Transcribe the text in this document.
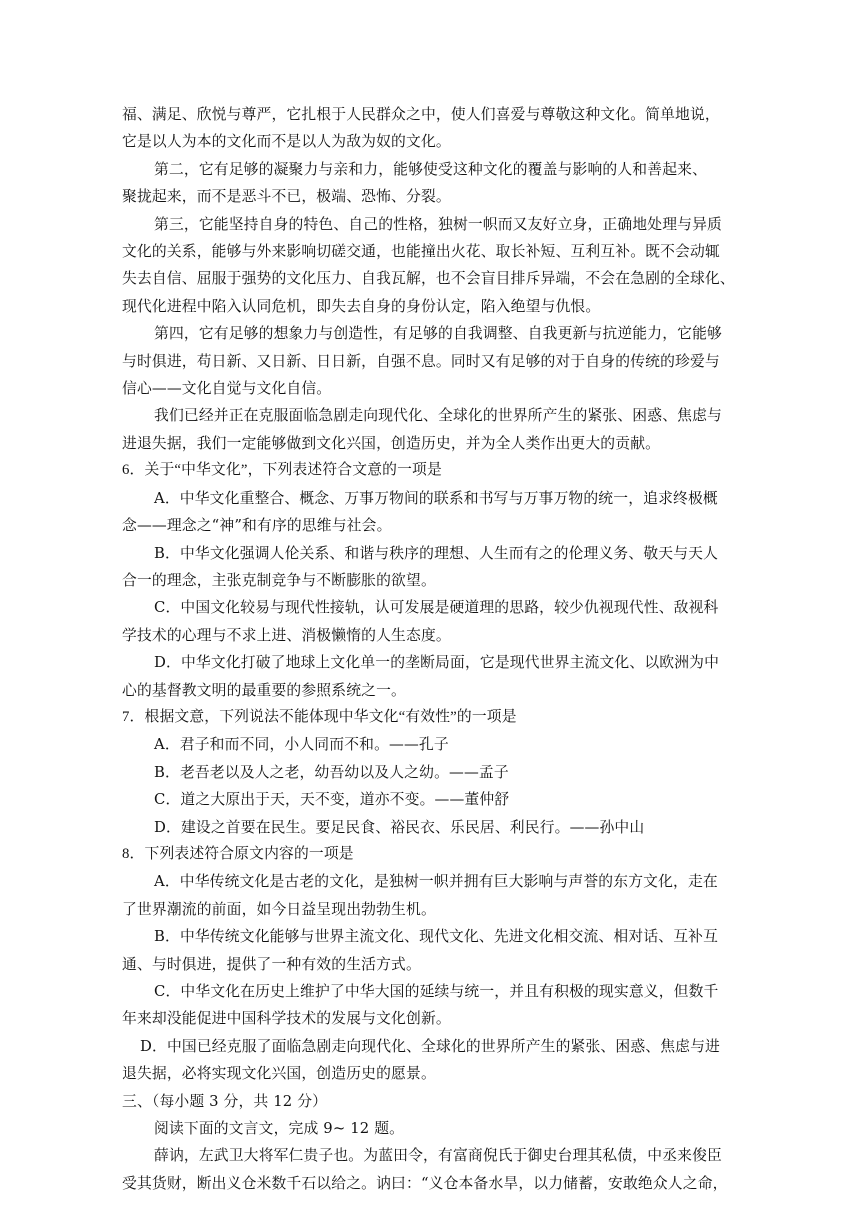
福、满足、欣悦与尊严，它扎根于人民群众之中，使人们喜爱与尊敬这种文化。简单地说，
它是以人为本的文化而不是以人为敌为奴的文化。
第二，它有足够的凝聚力与亲和力，能够使受这种文化的覆盖与影响的人和善起来、
聚拢起来，而不是恶斗不已，极端、恐怖、分裂。
第三，它能坚持自身的特色、自己的性格，独树一帜而又友好立身，正确地处理与异质
文化的关系，能够与外来影响切磋交通，也能撞出火花、取长补短、互利互补。既不会动辄
失去自信、屈服于强势的文化压力、自我瓦解，也不会盲目排斥异端，不会在急剧的全球化、
现代化进程中陷入认同危机，即失去自身的身份认定，陷入绝望与仇恨。
第四，它有足够的想象力与创造性，有足够的自我调整、自我更新与抗逆能力，它能够
与时俱进，苟日新、又日新、日日新，自强不息。同时又有足够的对于自身的传统的珍爱与
信心——文化自觉与文化自信。
我们已经并正在克服面临急剧走向现代化、全球化的世界所产生的紧张、困惑、焦虑与
进退失据，我们一定能够做到文化兴国，创造历史，并为全人类作出更大的贡献。
6．关于“中华文化”，下列表述符合文意的一项是
A．中华文化重整合、概念、万事万物间的联系和书写与万事万物的统一，追求终极概
念——理念之“神”和有序的思维与社会。
B．中华文化强调人伦关系、和谐与秩序的理想、人生而有之的伦理义务、敬天与天人
合一的理念，主张克制竞争与不断膨胀的欲望。
C．中国文化较易与现代性接轨，认可发展是硬道理的思路，较少仇视现代性、敌视科
学技术的心理与不求上进、消极懒惰的人生态度。
D．中华文化打破了地球上文化单一的垄断局面，它是现代世界主流文化、以欧洲为中
心的基督教文明的最重要的参照系统之一。
7．根据文意，下列说法不能体现中华文化“有效性”的一项是
A．君子和而不同，小人同而不和。——孔子
B．老吾老以及人之老，幼吾幼以及人之幼。——孟子
C．道之大原出于天，天不变，道亦不变。——董仲舒
D．建设之首要在民生。要足民食、裕民衣、乐民居、利民行。——孙中山
8．下列表述符合原文内容的一项是
A．中华传统文化是古老的文化，是独树一帜并拥有巨大影响与声誉的东方文化，走在
了世界潮流的前面，如今日益呈现出勃勃生机。
B．中华传统文化能够与世界主流文化、现代文化、先进文化相交流、相对话、互补互
通、与时俱进，提供了一种有效的生活方式。
C．中华文化在历史上维护了中华大国的延续与统一，并且有积极的现实意义，但数千
年来却没能促进中国科学技术的发展与文化创新。
D．中国已经克服了面临急剧走向现代化、全球化的世界所产生的紧张、困惑、焦虑与进
退失据，必将实现文化兴国，创造历史的愿景。
三、（每小题 3 分，共 12 分）
阅读下面的文言文，完成 9~ 12 题。
薛讷，左武卫大将军仁贵子也。为蓝田令，有富商倪氏于御史台理其私债，中丞来俊臣
受其货财，断出义仓米数千石以给之。讷曰：“义仓本备水旱，以力储蓄，安敢绝众人之命，
